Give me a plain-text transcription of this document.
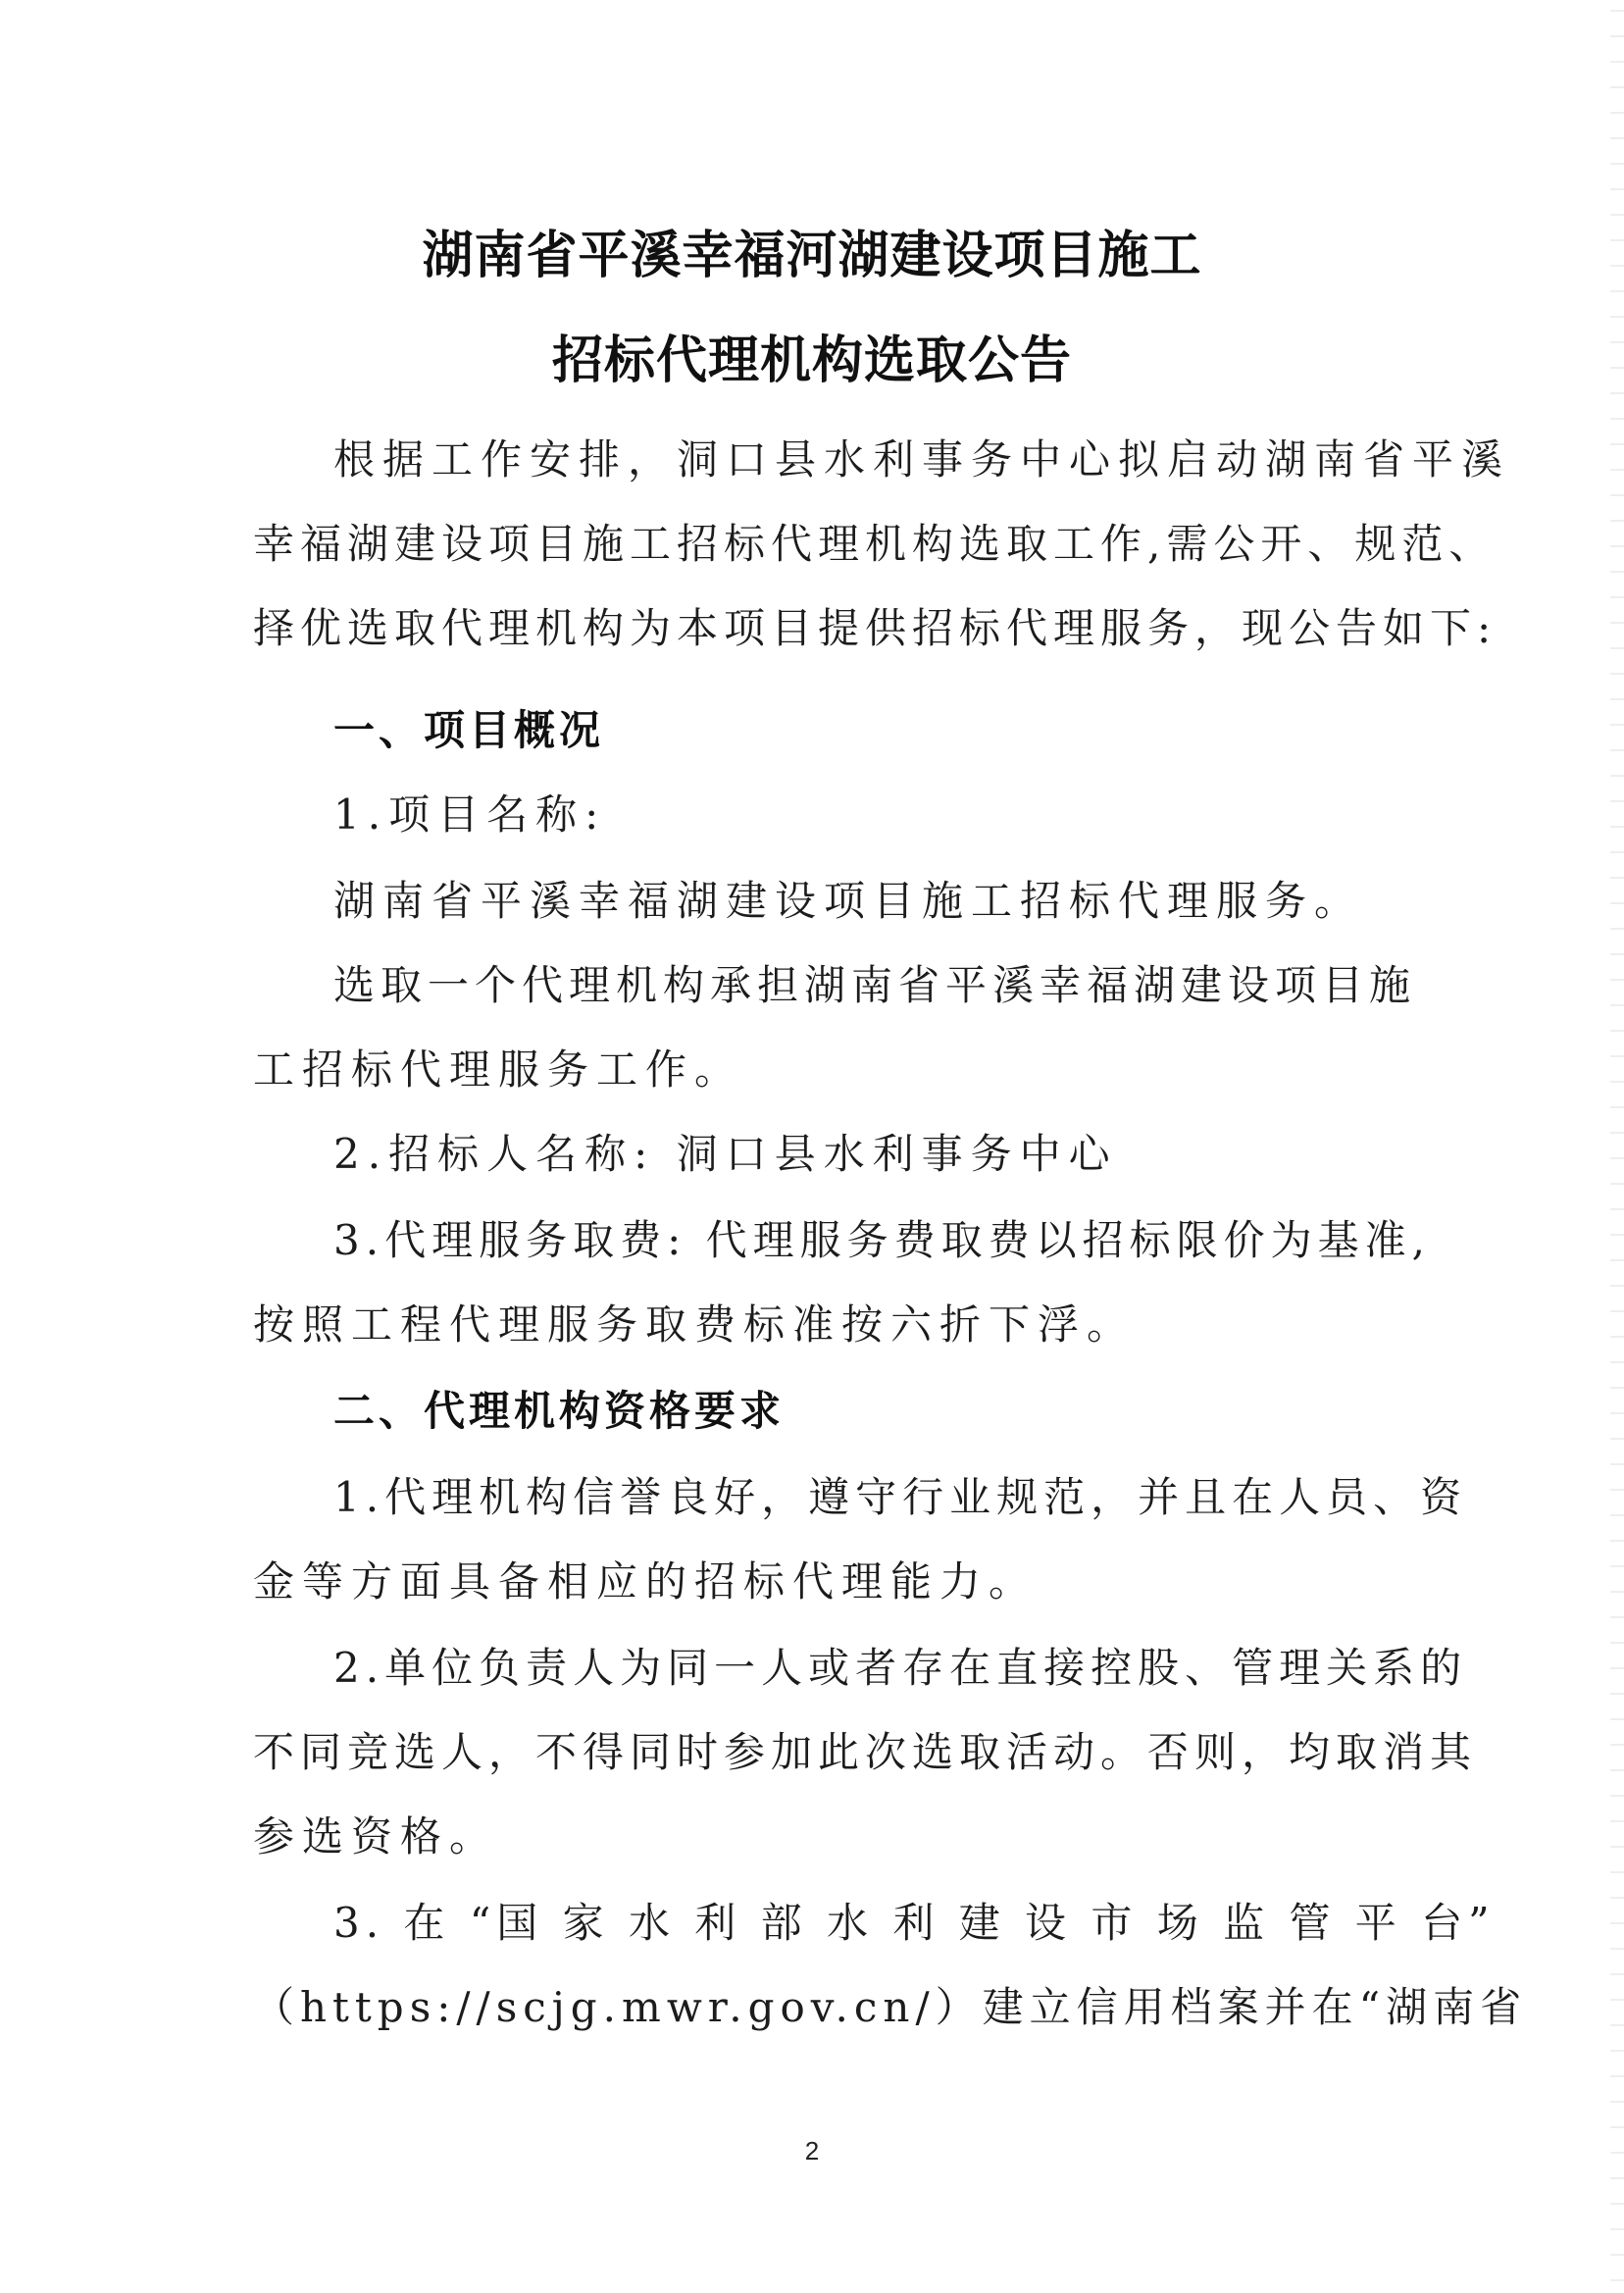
湖南省平溪幸福河湖建设项目施工
招标代理机构选取公告
根据工作安排，洞口县水利事务中心拟启动湖南省平溪
幸福湖建设项目施工招标代理机构选取工作,需公开、规范、
择优选取代理机构为本项目提供招标代理服务，现公告如下:
一、项目概况
1.项目名称:
湖南省平溪幸福湖建设项目施工招标代理服务。
选取一个代理机构承担湖南省平溪幸福湖建设项目施
工招标代理服务工作。
2.招标人名称: 洞口县水利事务中心
3.代理服务取费: 代理服务费取费以招标限价为基准,
按照工程代理服务取费标准按六折下浮。
二、代理机构资格要求
1.代理机构信誉良好，遵守行业规范，并且在人员、资
金等方面具备相应的招标代理能力。
2.单位负责人为同一人或者存在直接控股、管理关系的
不同竞选人，不得同时参加此次选取活动。否则，均取消其
参选资格。
3. 在 “国 家 水 利 部 水 利 建 设 市 场 监 管 平 台”
（https://scjg.mwr.gov.cn/）建立信用档案并在“湖南省
2
